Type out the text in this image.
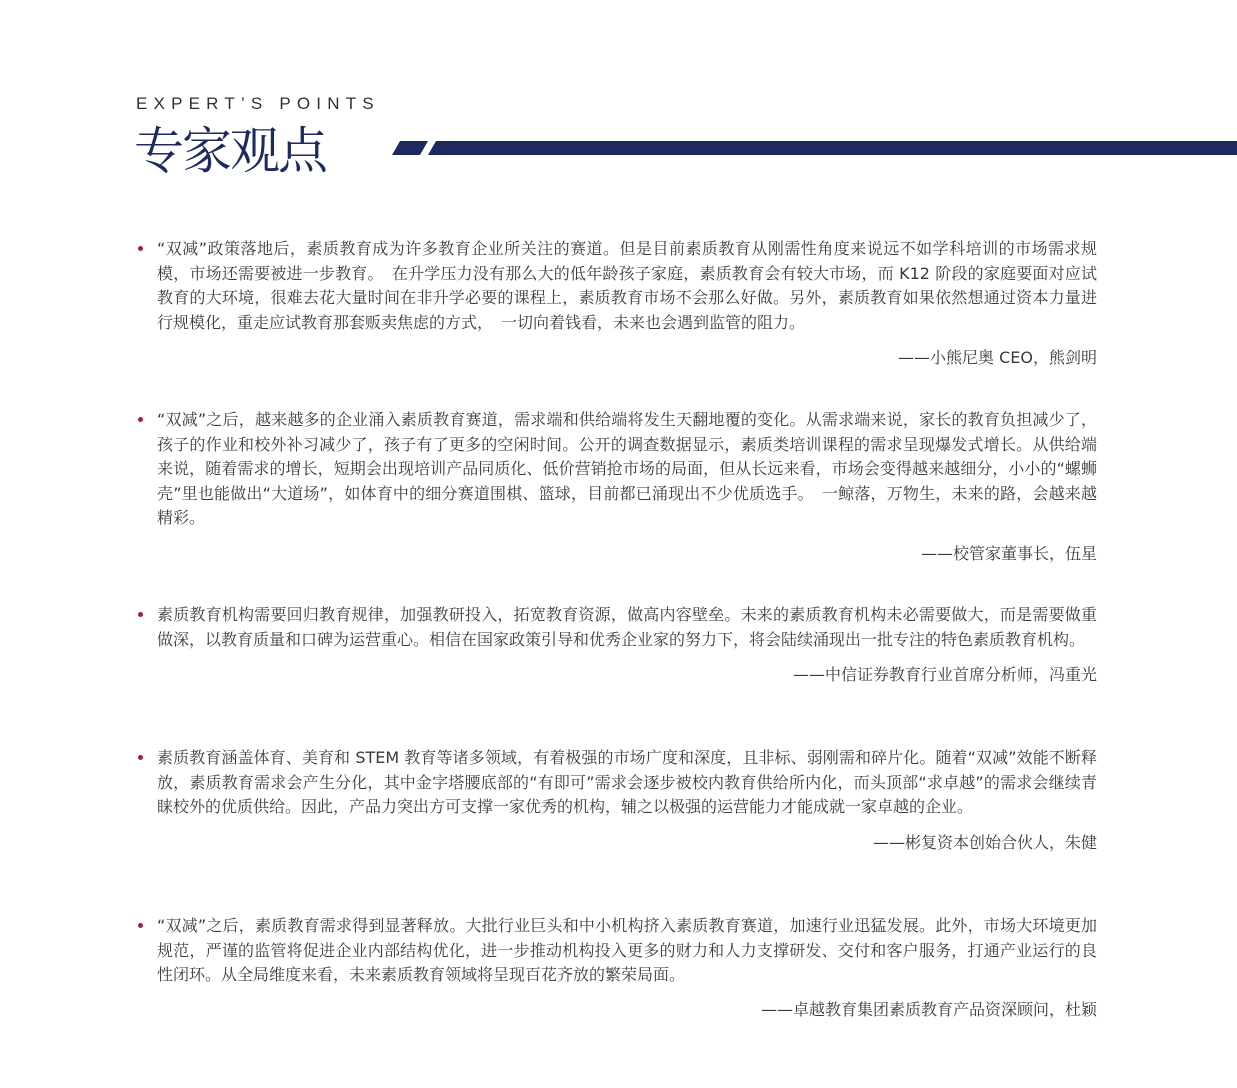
EXPERT’S POINTS
专家观点

“双减”政策落地后，素质教育成为许多教育企业所关注的赛道。但是目前素质教育从刚需性角度来说远不如学科培训的市场需求规模，市场还需要被进一步教育。　在升学压力没有那么大的低年龄孩子家庭，素质教育会有较大市场，而 K12 阶段的家庭要面对应试教育的大环境，很难去花大量时间在非升学必要的课程上，素质教育市场不会那么好做。另外，素质教育如果依然想通过资本力量进行规模化，重走应试教育那套贩卖焦虑的方式，　一切向着钱看，未来也会遇到监管的阻力。

——小熊尼奥 CEO，熊剑明

“双减”之后，越来越多的企业涌入素质教育赛道，需求端和供给端将发生天翻地覆的变化。从需求端来说，家长的教育负担减少了，孩子的作业和校外补习减少了，孩子有了更多的空闲时间。公开的调查数据显示，素质类培训课程的需求呈现爆发式增长。从供给端来说，随着需求的增长，短期会出现培训产品同质化、低价营销抢市场的局面，但从长远来看，市场会变得越来越细分，小小的“螺蛳壳”里也能做出“大道场”，如体育中的细分赛道围棋、篮球，目前都已涌现出不少优质选手。　一鲸落，万物生，未来的路，会越来越精彩。

——校管家董事长，伍星

素质教育机构需要回归教育规律，加强教研投入，拓宽教育资源，做高内容壁垒。未来的素质教育机构未必需要做大，而是需要做重做深，以教育质量和口碑为运营重心。相信在国家政策引导和优秀企业家的努力下，将会陆续涌现出一批专注的特色素质教育机构。

——中信证券教育行业首席分析师，冯重光

素质教育涵盖体育、美育和 STEM 教育等诸多领域，有着极强的市场广度和深度，且非标、弱刚需和碎片化。随着“双减”效能不断释放，素质教育需求会产生分化，其中金字塔腰底部的“有即可”需求会逐步被校内教育供给所内化，而头顶部“求卓越”的需求会继续青睐校外的优质供给。因此，产品力突出方可支撑一家优秀的机构，辅之以极强的运营能力才能成就一家卓越的企业。

——彬复资本创始合伙人，朱健

“双减”之后，素质教育需求得到显著释放。大批行业巨头和中小机构挤入素质教育赛道，加速行业迅猛发展。此外，市场大环境更加规范，严谨的监管将促进企业内部结构优化，进一步推动机构投入更多的财力和人力支撑研发、交付和客户服务，打通产业运行的良性闭环。从全局维度来看，未来素质教育领域将呈现百花齐放的繁荣局面。

——卓越教育集团素质教育产品资深顾问，杜颖
